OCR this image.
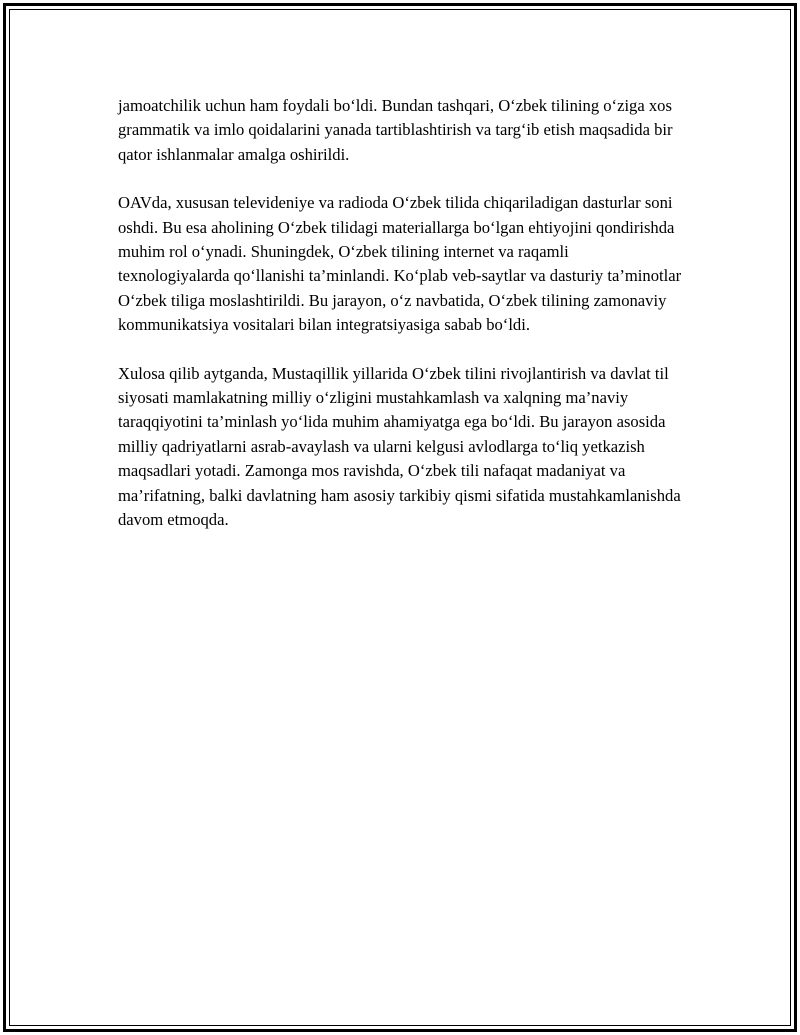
jamoatchilik uchun ham foydali bo‘ldi. Bundan tashqari, O‘zbek tilining o‘ziga xos grammatik va imlo qoidalarini yanada tartiblashtirish va targ‘ib etish maqsadida bir qator ishlanmalar amalga oshirildi.

OAVda, xususan televideniye va radioda O‘zbek tilida chiqariladigan dasturlar soni oshdi. Bu esa aholining O‘zbek tilidagi materiallarga bo‘lgan ehtiyojini qondirishda muhim rol o‘ynadi. Shuningdek, O‘zbek tilining internet va raqamli texnologiyalarda qo‘llanishi ta’minlandi. Ko‘plab veb-saytlar va dasturiy ta’minotlar O‘zbek tiliga moslashtirildi. Bu jarayon, o‘z navbatida, O‘zbek tilining zamonaviy kommunikatsiya vositalari bilan integratsiyasiga sabab bo‘ldi.

Xulosa qilib aytganda, Mustaqillik yillarida O‘zbek tilini rivojlantirish va davlat til siyosati mamlakatning milliy o‘zligini mustahkamlash va xalqning ma’naviy taraqqiyotini ta’minlash yo‘lida muhim ahamiyatga ega bo‘ldi. Bu jarayon asosida milliy qadriyatlarni asrab-avaylash va ularni kelgusi avlodlarga to‘liq yetkazish maqsadlari yotadi. Zamonga mos ravishda, O‘zbek tili nafaqat madaniyat va ma’rifatning, balki davlatning ham asosiy tarkibiy qismi sifatida mustahkamlanishda davom etmoqda.
